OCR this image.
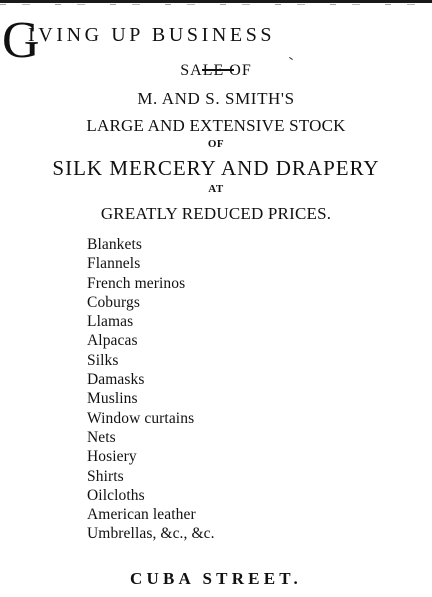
G
IVING UP BUSINESS
SALE OF
M. AND S. SMITH'S
LARGE AND EXTENSIVE STOCK
OF
SILK MERCERY AND DRAPERY
AT
GREATLY REDUCED PRICES.
Blankets
Flannels
French merinos
Coburgs
Llamas
Alpacas
Silks
Damasks
Muslins
Window curtains
Nets
Hosiery
Shirts
Oilcloths
American leather
Umbrellas, &c., &c.
CUBA STREET.
